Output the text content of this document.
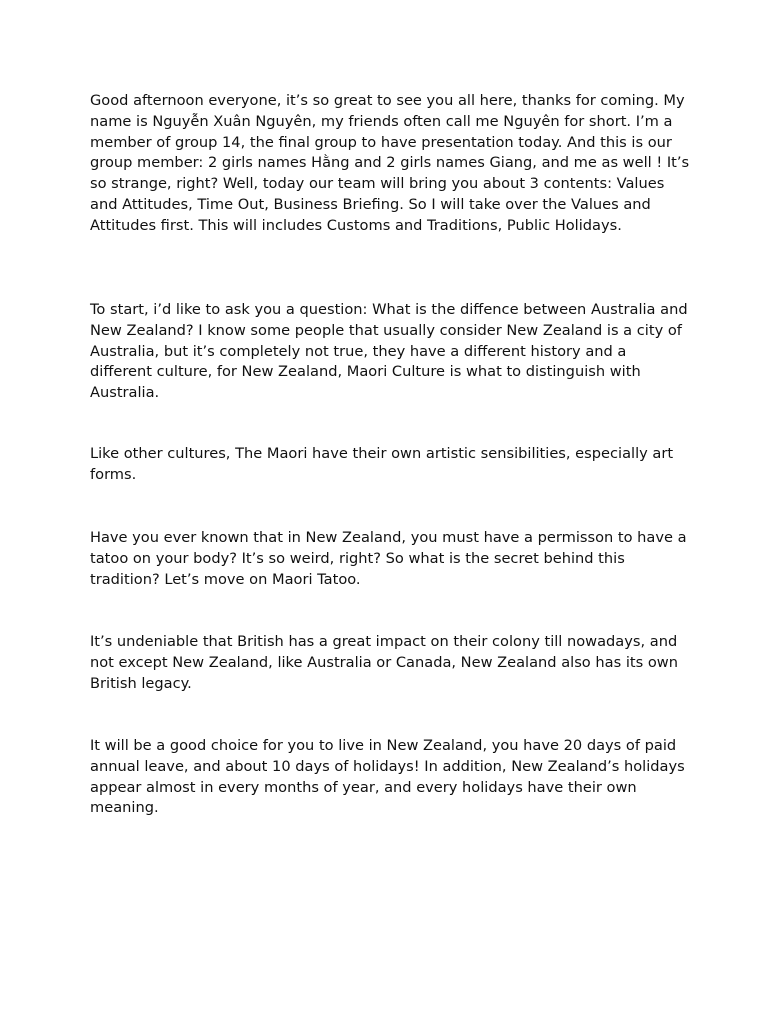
Good afternoon everyone, it’s so great to see you all here, thanks for coming. My name is Nguyễn Xuân Nguyên, my friends often call me Nguyên for short. I’m a member of group 14, the final group to have presentation today. And this is our group member: 2 girls names Hằng and 2 girls names Giang, and me as well ! It’s so strange, right? Well, today our team will bring you about 3 contents: Values and Attitudes, Time Out, Business Briefing. So I will take over the Values and Attitudes first. This will includes Customs and Traditions, Public Holidays.

To start, i’d like to ask you a question: What is the diffence between Australia and New Zealand? I know some people that usually consider New Zealand is a city of Australia, but it’s completely not true, they have a different history and a different culture, for New Zealand, Maori Culture is what to distinguish with Australia.

Like other cultures, The Maori have their own artistic sensibilities, especially art forms.

Have you ever known that in New Zealand, you must have a permisson to have a tatoo on your body? It’s so weird, right? So what is the secret behind this tradition? Let’s move on Maori Tatoo.

It’s undeniable that British has a great impact on their colony till nowadays, and not except New Zealand, like Australia or Canada, New Zealand also has its own British legacy.

It will be a good choice for you to live in New Zealand, you have 20 days of paid annual leave, and about 10 days of holidays! In addition, New Zealand’s holidays appear almost in every months of year, and every holidays have their own meaning.
